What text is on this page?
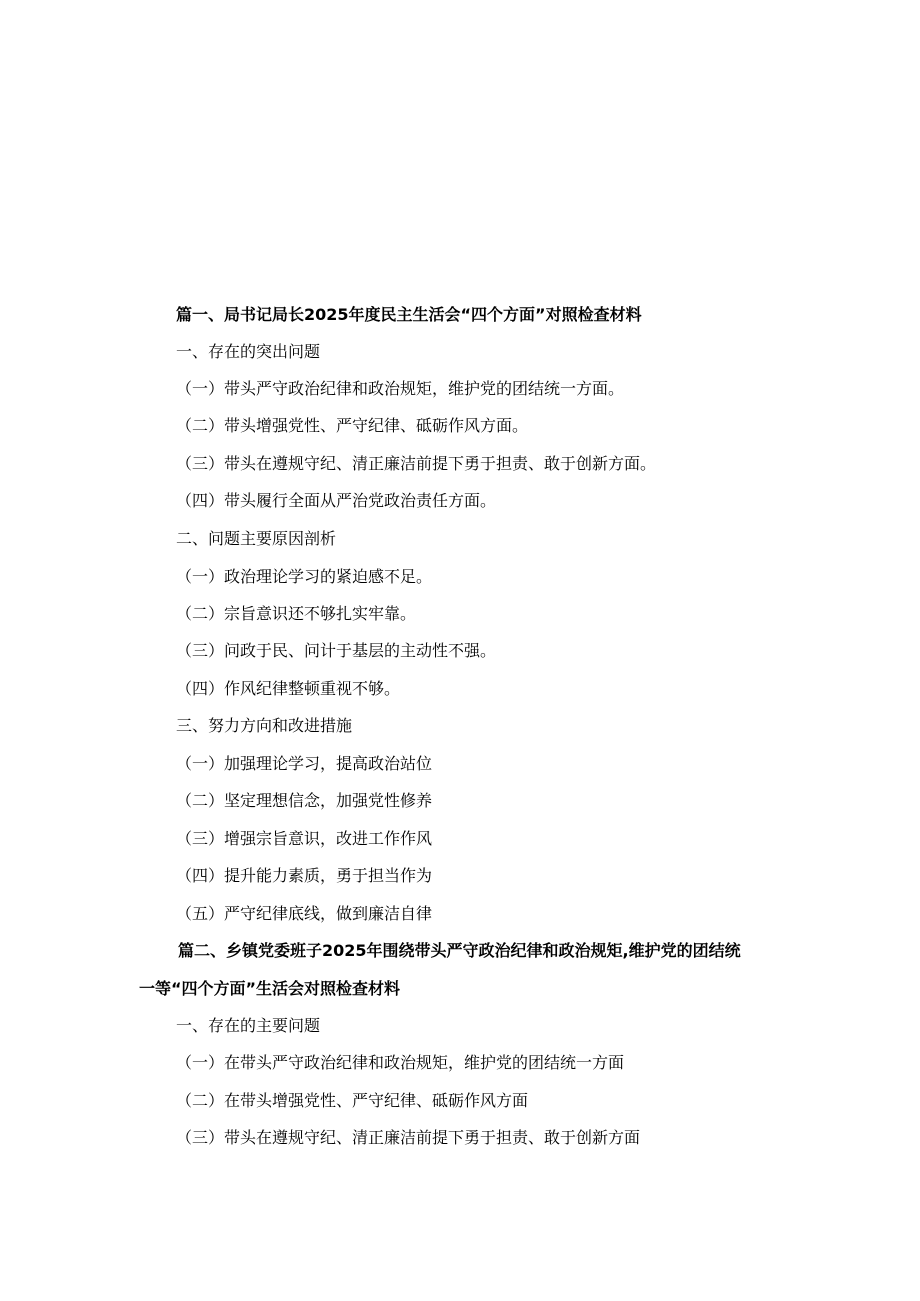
篇一、局书记局长2025年度民主生活会“四个方面”对照检查材料
一、存在的突出问题
（一）带头严守政治纪律和政治规矩，维护党的团结统一方面。
（二）带头增强党性、严守纪律、砥砺作风方面。
（三）带头在遵规守纪、清正廉洁前提下勇于担责、敢于创新方面。
（四）带头履行全面从严治党政治责任方面。
二、问题主要原因剖析
（一）政治理论学习的紧迫感不足。
（二）宗旨意识还不够扎实牢靠。
（三）问政于民、问计于基层的主动性不强。
（四）作风纪律整顿重视不够。
三、努力方向和改进措施
（一）加强理论学习，提高政治站位
（二）坚定理想信念，加强党性修养
（三）增强宗旨意识，改进工作作风
（四）提升能力素质，勇于担当作为
（五）严守纪律底线，做到廉洁自律
篇二、乡镇党委班子2025年围绕带头严守政治纪律和政治规矩,维护党的团结统
一等“四个方面”生活会对照检查材料
一、存在的主要问题
（一）在带头严守政治纪律和政治规矩，维护党的团结统一方面
（二）在带头增强党性、严守纪律、砥砺作风方面
（三）带头在遵规守纪、清正廉洁前提下勇于担责、敢于创新方面
